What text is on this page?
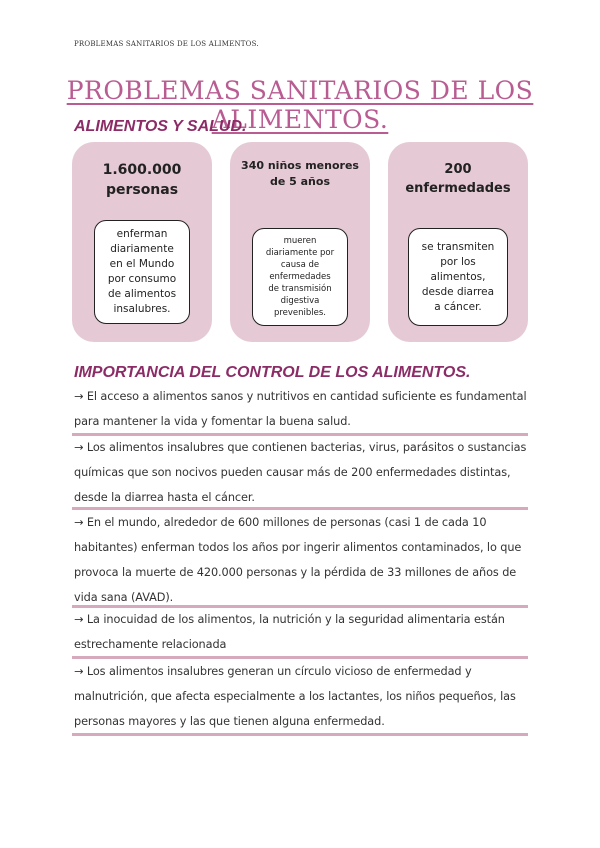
PROBLEMAS SANITARIOS DE LOS ALIMENTOS.
PROBLEMAS SANITARIOS DE LOS ALIMENTOS.
ALIMENTOS Y SALUD.
1.600.000
personas
enferman
diariamente
en el Mundo
por consumo
de alimentos
insalubres.
340 niños menores
de 5 años
mueren
diariamente por
causa de
enfermedades
de transmisión
digestiva
prevenibles.
200
enfermedades
se transmiten
por los
alimentos,
desde diarrea
a cáncer.
IMPORTANCIA DEL CONTROL DE LOS ALIMENTOS.
→ El acceso a alimentos sanos y nutritivos en cantidad suficiente es fundamental para mantener la vida y fomentar la buena salud.
→ Los alimentos insalubres que contienen bacterias, virus, parásitos o sustancias químicas que son nocivos pueden causar más de 200 enfermedades distintas, desde la diarrea hasta el cáncer.
→ En el mundo, alrededor de 600 millones de personas (casi 1 de cada 10 habitantes) enferman todos los años por ingerir alimentos contaminados, lo que provoca la muerte de 420.000 personas y la pérdida de 33 millones de años de vida sana (AVAD).
→ La inocuidad de los alimentos, la nutrición y la seguridad alimentaria están estrechamente relacionada
→ Los alimentos insalubres generan un círculo vicioso de enfermedad y malnutrición, que afecta especialmente a los lactantes, los niños pequeños, las personas mayores y las que tienen alguna enfermedad.
